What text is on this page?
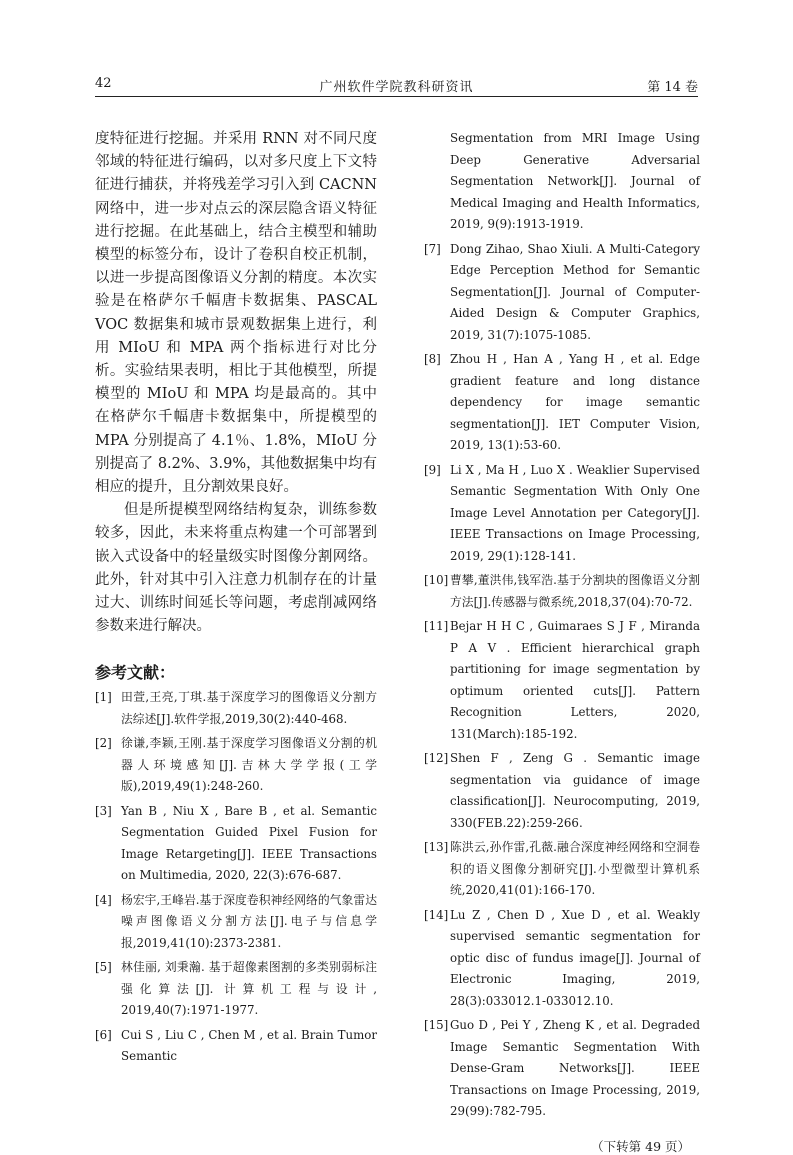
42	广州软件学院教科研资讯	第 14 卷

度特征进行挖掘。并采用 RNN 对不同尺度邻域的特征进行编码，以对多尺度上下文特征进行捕获，并将残差学习引入到 CACNN 网络中，进一步对点云的深层隐含语义特征进行挖掘。在此基础上，结合主模型和辅助模型的标签分布，设计了卷积自校正机制，以进一步提高图像语义分割的精度。本次实验是在格萨尔千幅唐卡数据集、PASCAL VOC 数据集和城市景观数据集上进行，利用 MIoU 和 MPA 两个指标进行对比分析。实验结果表明，相比于其他模型，所提模型的 MIoU 和 MPA 均是最高的。其中在格萨尔千幅唐卡数据集中，所提模型的 MPA 分别提高了 4.1％、1.8%，MIoU 分别提高了 8.2%、3.9%，其他数据集中均有相应的提升，且分割效果良好。

但是所提模型网络结构复杂，训练参数较多，因此，未来将重点构建一个可部署到嵌入式设备中的轻量级实时图像分割网络。此外，针对其中引入注意力机制存在的计量过大、训练时间延长等问题，考虑削减网络参数来进行解决。

参考文献：
[1] 田萱,王亮,丁琪.基于深度学习的图像语义分割方法综述[J].软件学报,2019,30(2):440-468.
[2] 徐谦,李颖,王刚.基于深度学习图像语义分割的机器人环境感知[J].吉林大学学报(工学版),2019,49(1):248-260.
[3] Yan B , Niu X , Bare B , et al. Semantic Segmentation Guided Pixel Fusion for Image Retargeting[J]. IEEE Transactions on Multimedia, 2020, 22(3):676-687.
[4] 杨宏宇,王峰岩.基于深度卷积神经网络的气象雷达噪声图像语义分割方法[J].电子与信息学报,2019,41(10):2373-2381.
[5] 林佳丽, 刘秉瀚. 基于超像素图割的多类别弱标注强化算法[J]. 计算机工程与设计, 2019,40(7):1971-1977.
[6] Cui S , Liu C , Chen M , et al. Brain Tumor Semantic
Segmentation from MRI Image Using Deep Generative Adversarial Segmentation Network[J]. Journal of Medical Imaging and Health Informatics, 2019, 9(9):1913-1919.
[7] Dong Zihao, Shao Xiuli. A Multi-Category Edge Perception Method for Semantic Segmentation[J]. Journal of Computer-Aided Design & Computer Graphics, 2019, 31(7):1075-1085.
[8] Zhou H , Han A , Yang H , et al. Edge gradient feature and long distance dependency for image semantic segmentation[J]. IET Computer Vision, 2019, 13(1):53-60.
[9] Li X , Ma H , Luo X . Weaklier Supervised Semantic Segmentation With Only One Image Level Annotation per Category[J]. IEEE Transactions on Image Processing, 2019, 29(1):128-141.
[10] 曹攀,董洪伟,钱军浩.基于分割块的图像语义分割方法[J].传感器与微系统,2018,37(04):70-72.
[11] Bejar H H C , Guimaraes S J F , Miranda P A V . Efficient hierarchical graph partitioning for image segmentation by optimum oriented cuts[J]. Pattern Recognition Letters, 2020, 131(March):185-192.
[12] Shen F , Zeng G . Semantic image segmentation via guidance of image classification[J]. Neurocomputing, 2019, 330(FEB.22):259-266.
[13] 陈洪云,孙作雷,孔薇.融合深度神经网络和空洞卷积的语义图像分割研究[J].小型微型计算机系统,2020,41(01):166-170.
[14] Lu Z , Chen D , Xue D , et al. Weakly supervised semantic segmentation for optic disc of fundus image[J]. Journal of Electronic Imaging, 2019, 28(3):033012.1-033012.10.
[15] Guo D , Pei Y , Zheng K , et al. Degraded Image Semantic Segmentation With Dense-Gram Networks[J]. IEEE Transactions on Image Processing, 2019, 29(99):782-795.
（下转第 49 页）
